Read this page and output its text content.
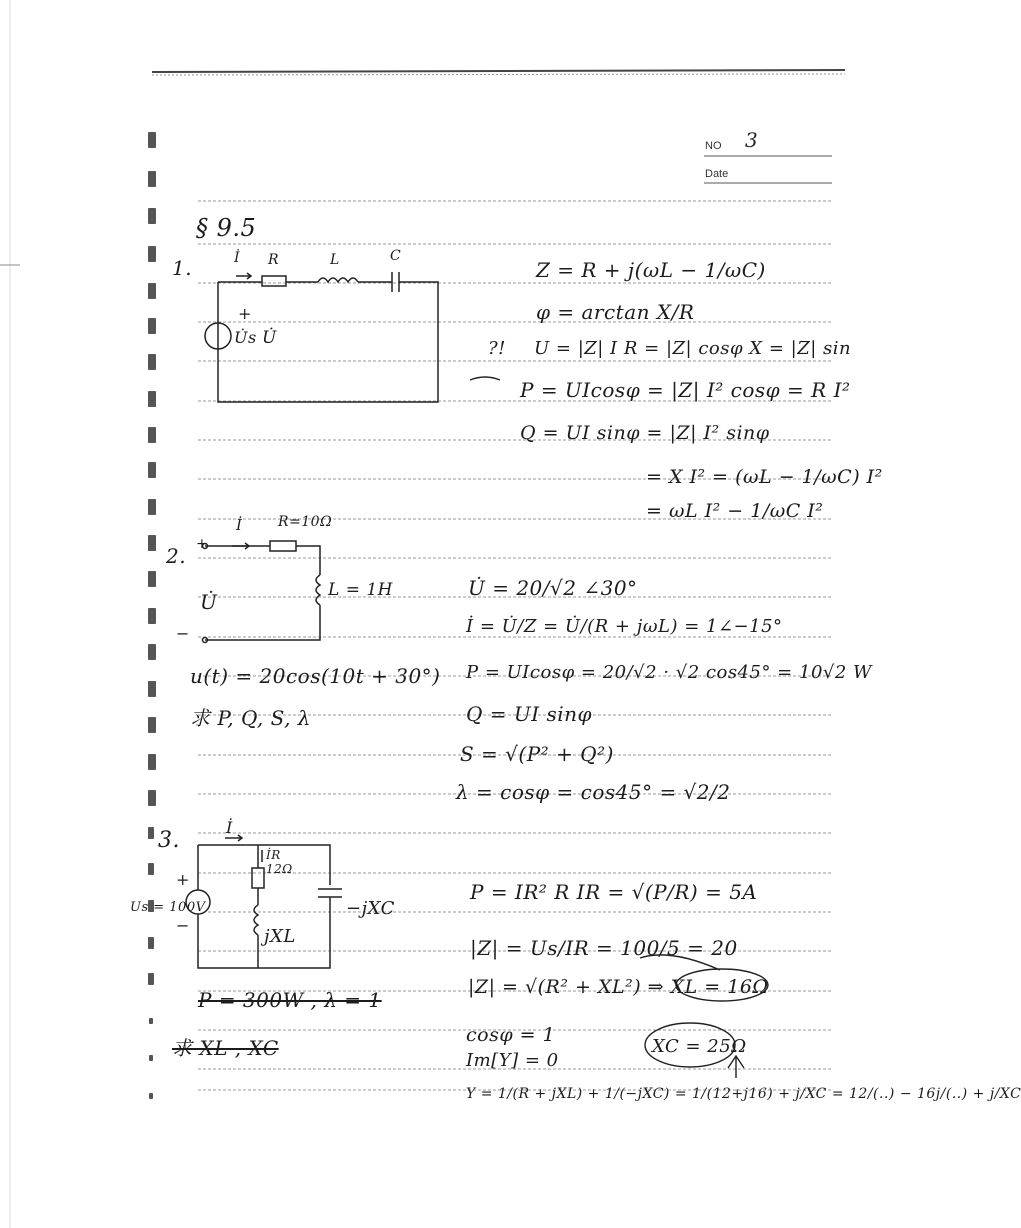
NO 3
Date
§ 9.5
1.	İ R	L	C
+
U̇s U̇	?!
Z = R + j(ωL − 1/ωC)
φ = arctan X/R
U = |Z| I R = |Z| cosφ X = |Z| sin
P = UIcosφ = |Z| I² cosφ = R I²
Q = UI sinφ = |Z| I² sinφ
= X I² = (ωL − 1/ωC) I²
= ωL I² − 1/ωC I²
2.
İ	R=10Ω
L = 1H
U̇
+
−
u(t) = 20cos(10t + 30°)
求 P, Q, S, λ
U̇ = 20/√2 ∠30°
İ = U̇/Z = U̇/(R + jωL) = 1∠−15°
P = UIcosφ = 20/√2 · √2 cos45° = 10√2 W
Q = UI sinφ
S = √(P² + Q²)
λ = cosφ = cos45° = √2/2
3.
İ
İR
12Ω
Us = 100V
jXL
−jXC
+
−
P = 300W , λ = 1
求 XL , XC
P = IR² R IR = √(P/R) = 5A
|Z| = Us/IR = 100/5 = 20
|Z| = √(R² + XL²) ⇒ XL = 16Ω
cosφ = 1
Im[Y] = 0
Y = 1/(R + jXL) + 1/(−jXC) = 1/(12+j16) + j/XC = 12/(..) − 16j/(..) + j/XC
XC = 25Ω
